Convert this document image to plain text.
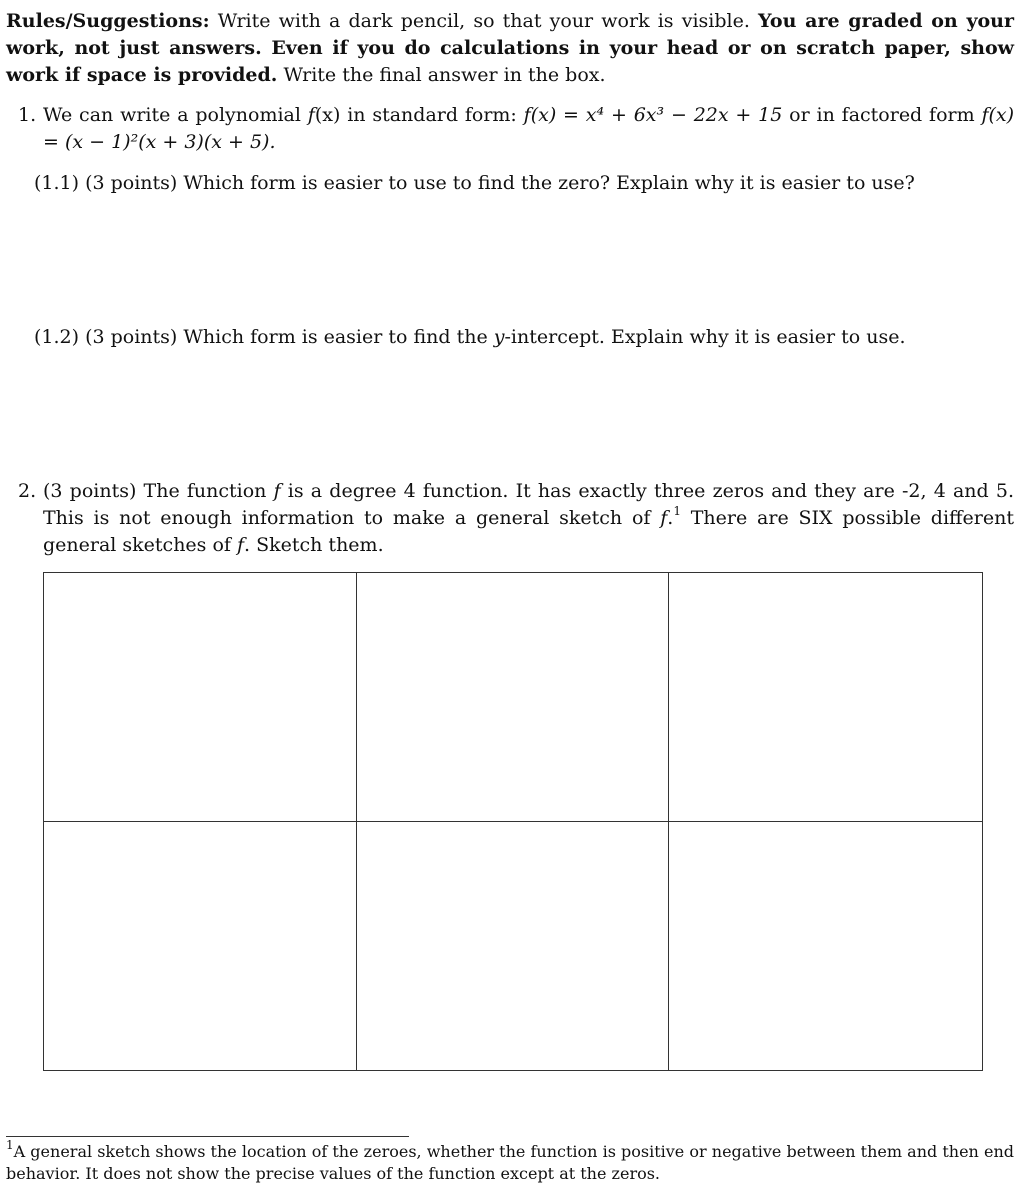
Rules/Suggestions: Write with a dark pencil, so that your work is visible. You are graded on your work, not just answers. Even if you do calculations in your head or on scratch paper, show work if space is provided. Write the final answer in the box.
1. We can write a polynomial f(x) in standard form: f(x) = x⁴ + 6x³ − 22x + 15 or in factored form f(x) = (x − 1)²(x + 3)(x + 5).
(1.1) (3 points) Which form is easier to use to find the zero? Explain why it is easier to use?
(1.2) (3 points) Which form is easier to find the y-intercept. Explain why it is easier to use.
2. (3 points) The function f is a degree 4 function. It has exactly three zeros and they are -2, 4 and 5. This is not enough information to make a general sketch of f.$^1$ There are SIX possible different general sketches of f. Sketch them.
$^1$A general sketch shows the location of the zeroes, whether the function is positive or negative between them and then end behavior. It does not show the precise values of the function except at the zeros.
